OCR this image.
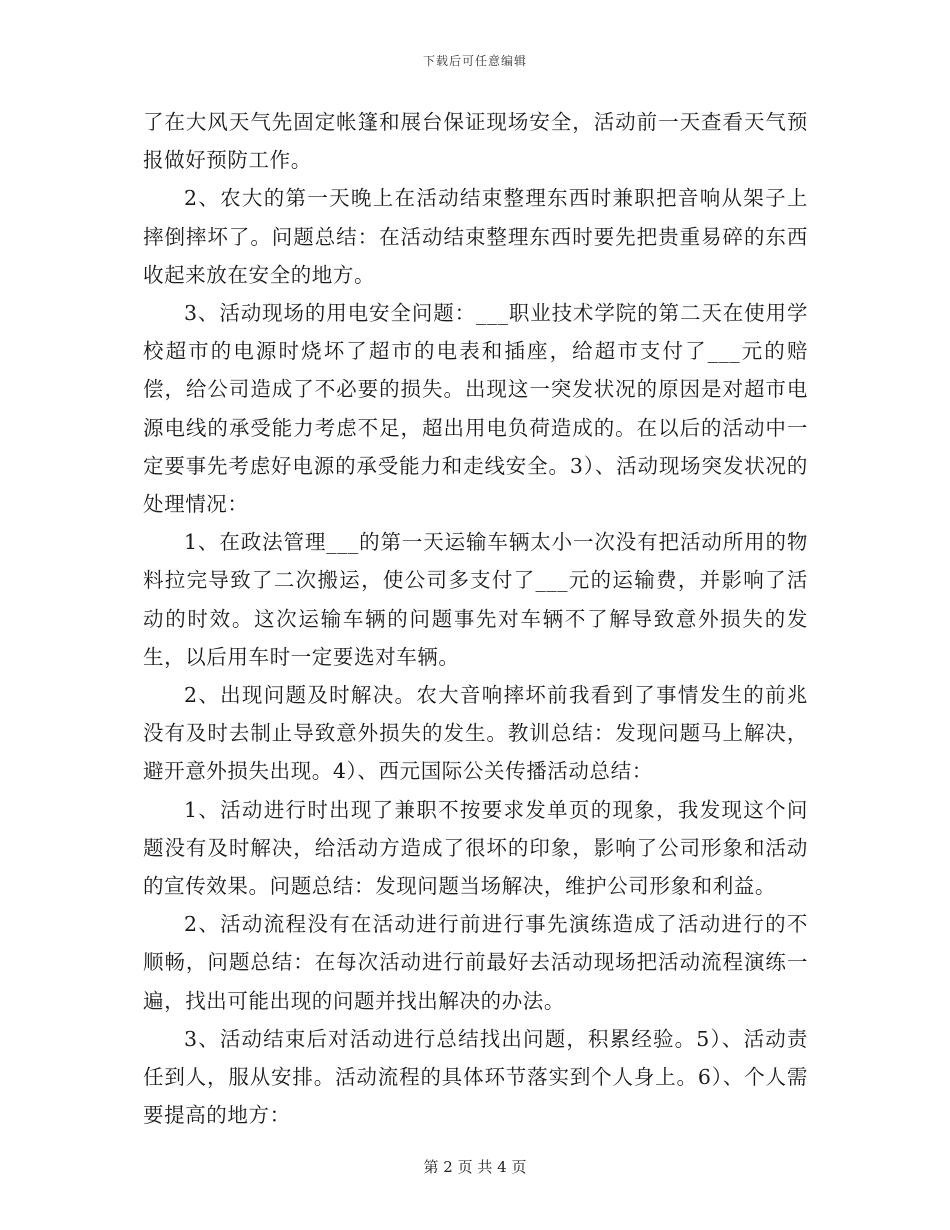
下载后可任意编辑

了在大风天气先固定帐篷和展台保证现场安全，活动前一天查看天气预报做好预防工作。

2、农大的第一天晚上在活动结束整理东西时兼职把音响从架子上摔倒摔坏了。问题总结：在活动结束整理东西时要先把贵重易碎的东西收起来放在安全的地方。

3、活动现场的用电安全问题：___职业技术学院的第二天在使用学校超市的电源时烧坏了超市的电表和插座，给超市支付了___元的赔偿，给公司造成了不必要的损失。出现这一突发状况的原因是对超市电源电线的承受能力考虑不足，超出用电负荷造成的。在以后的活动中一定要事先考虑好电源的承受能力和走线安全。3）、活动现场突发状况的处理情况：

1、在政法管理___的第一天运输车辆太小一次没有把活动所用的物料拉完导致了二次搬运，使公司多支付了___元的运输费，并影响了活动的时效。这次运输车辆的问题事先对车辆不了解导致意外损失的发生，以后用车时一定要选对车辆。

2、出现问题及时解决。农大音响摔坏前我看到了事情发生的前兆没有及时去制止导致意外损失的发生。教训总结：发现问题马上解决，避开意外损失出现。4）、西元国际公关传播活动总结：

1、活动进行时出现了兼职不按要求发单页的现象，我发现这个问题没有及时解决，给活动方造成了很坏的印象，影响了公司形象和活动的宣传效果。问题总结：发现问题当场解决，维护公司形象和利益。

2、活动流程没有在活动进行前进行事先演练造成了活动进行的不顺畅，问题总结：在每次活动进行前最好去活动现场把活动流程演练一遍，找出可能出现的问题并找出解决的办法。

3、活动结束后对活动进行总结找出问题，积累经验。5）、活动责任到人，服从安排。活动流程的具体环节落实到个人身上。6）、个人需要提高的地方：

第 2 页 共 4 页
